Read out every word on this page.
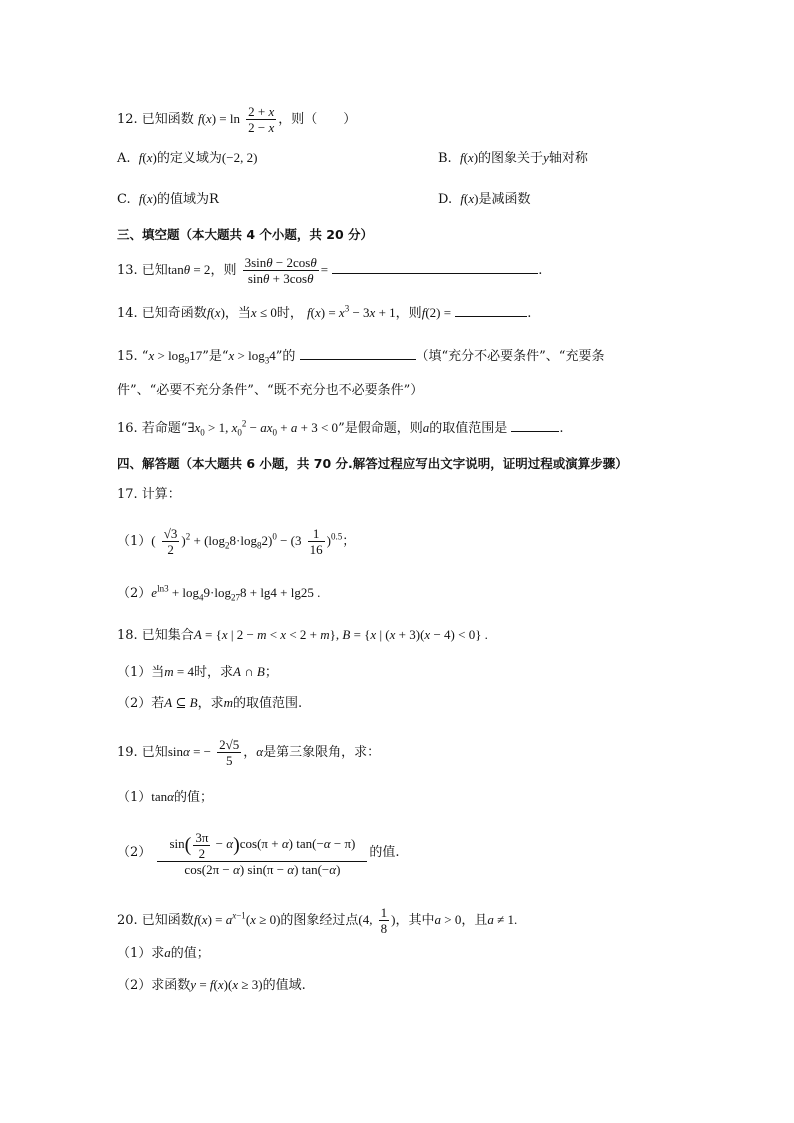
12. 已知函数 $f(x) = \ln \frac{2 + x}{2 - x}$ ，则（　　）
A. f(x)的定义域为(−2, 2)	B. f(x)的图象关于y轴对称
C. f(x)的值域为R	D. f(x)是减函数
三、填空题（本大题共 4 个小题，共 20 分）
13. 已知tanθ = 2，则 $\frac{3\sin\theta - 2\cos\theta}{\sin\theta + 3\cos\theta}$ =	.
14. 已知奇函数f(x)，当x ≤ 0时， $f(x) = x^3 - 3x + 1$，则f(2) =	.
15. “$x > \log_917$”是“$x > \log_34$”的	（填“充分不必要条件”、“充要条
件”、“必要不充分条件”、“既不充分也不必要条件”）
16. 若命题“$\exists x_0 > 1$, $x_0^2 - ax_0 + a + 3 < 0$”是假命题，则a的取值范围是	.
四、解答题（本大题共 6 小题，共 70 分.解答过程应写出文字说明，证明过程或演算步骤）
17. 计算：
$(1)( \frac{√3}{2} )^2 + (\log_28\cdot\log_82)^0 - (3 \frac{1}{16} )^{0.5}$；
$(2)e^{ln3} + \log_49\cdot\log_{27}8 + \lg 4 + \lg 25$ .
18. 已知集合A = {x | 2 − m < x < 2 + m}, B = {x | (x + 3)(x − 4) < 0} .
（1）当m = 4时，求A ∩ B；
（2）若A ⊆ B，求m的取值范围.
19. 已知sinα = − $\frac{2√5}{5}$ ，α是第三象限角，求：
（1）tanα的值；
$(2) \frac{\sin( \frac{3\pi}{2} - \alpha)\cos(\pi + \alpha) \tan(-\alpha - \pi)}{\cos(2\pi - \alpha) \sin(\pi - \alpha) \tan(-\alpha)}$ 的值.
20. 已知函数$f(x) = a^{x-1}(x \ge 0)$的图象经过点(4, $\frac{1}{8}$ )，其中a > 0，且a ≠ 1.
（1）求a的值；
（2）求函数y = f(x)(x ≥ 3)的值域.
